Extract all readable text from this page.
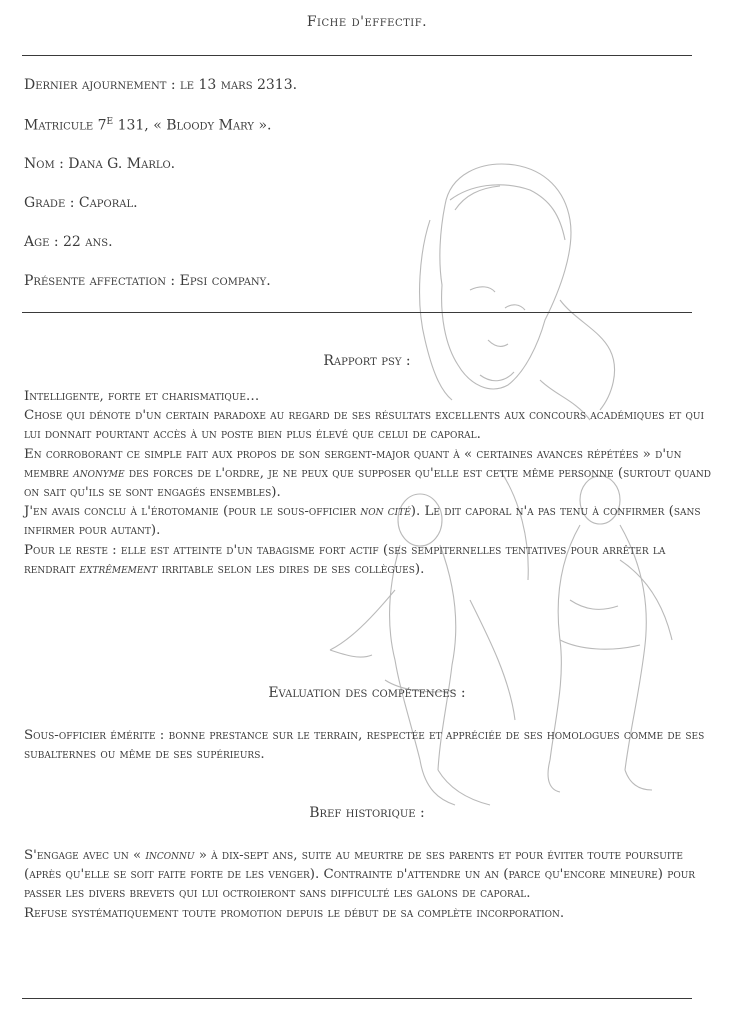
Fiche d'effectif.
Dernier ajournement : le 13 mars 2313.
Matricule $7^E$ 131, « Bloody Mary ».
Nom : Dana G. Marlo.
Grade : Caporal.
Age : 22 ans.
Présente affectation : Epsi company.
Rapport psy :

Intelligente, forte et charismatique…

Chose qui dénote d'un certain paradoxe au regard de ses résultats excellents aux concours académiques et qui lui donnait pourtant accès à un poste bien plus élevé que celui de caporal.

En corroborant ce simple fait aux propos de son sergent-major quant à « certaines avances répétées » d'un membre anonyme des forces de l'ordre, je ne peux que supposer qu'elle est cette même personne (surtout quand on sait qu'ils se sont engagés ensembles).

J'en avais conclu à l'érotomanie (pour le sous-officier non cité). Le dit caporal n'a pas tenu à confirmer (sans infirmer pour autant).

Pour le reste : elle est atteinte d'un tabagisme fort actif (ses sempiternelles tentatives pour arrêter la rendrait extrêmement irritable selon les dires de ses collègues).

Evaluation des compétences :
Sous-officier émérite : bonne prestance sur le terrain, respectée et appréciée de ses homologues comme de ses subalternes ou même de ses supérieurs.
Bref historique :

S'engage avec un « inconnu » à dix-sept ans, suite au meurtre de ses parents et pour éviter toute poursuite (après qu'elle se soit faite forte de les venger). Contrainte d'attendre un an (parce qu'encore mineure) pour passer les divers brevets qui lui octroieront sans difficulté les galons de caporal.

Refuse systématiquement toute promotion depuis le début de sa complète incorporation.
